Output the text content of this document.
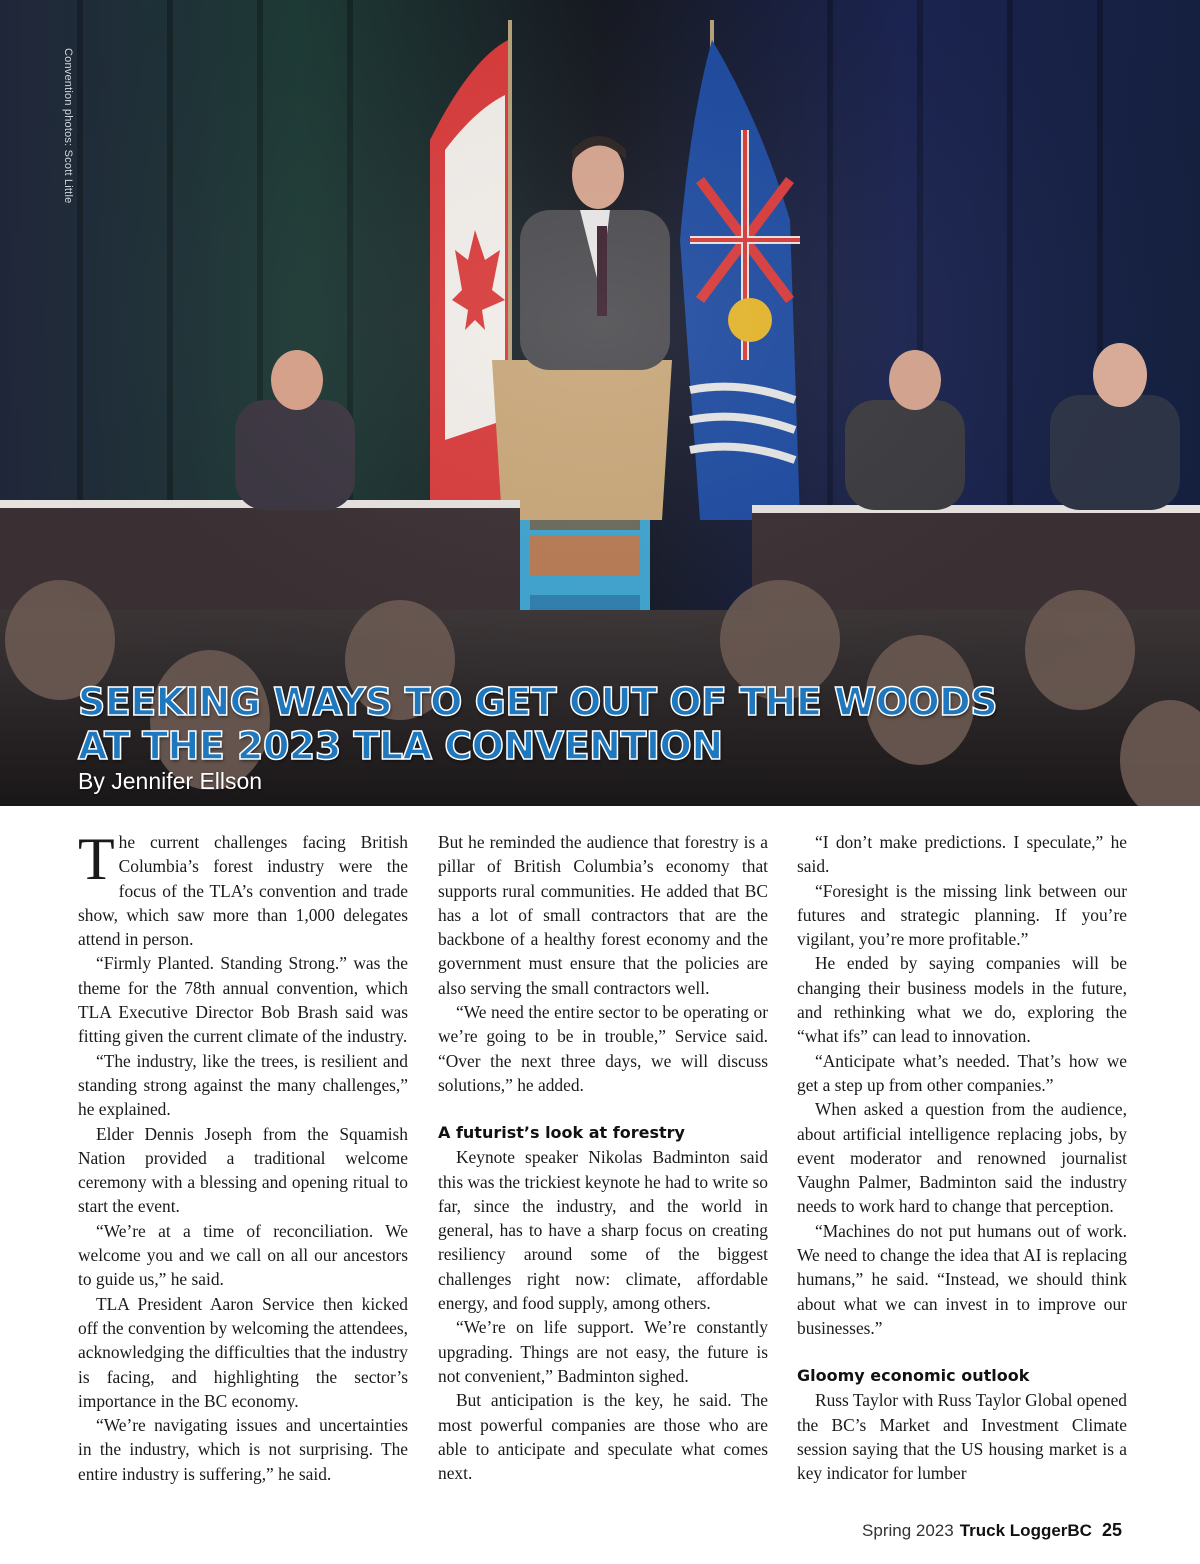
Convention photos: Scott Little
SEEKING WAYS TO GET OUT OF THE WOODS
AT THE 2023 TLA CONVENTION
By Jennifer Ellson

The current challenges facing British Columbia’s forest industry were the focus of the TLA’s convention and trade show, which saw more than 1,000 delegates attend in person.

“Firmly Planted. Standing Strong.” was the theme for the 78th annual convention, which TLA Executive Director Bob Brash said was fitting given the current climate of the industry.

“The industry, like the trees, is resilient and standing strong against the many challenges,” he explained.

Elder Dennis Joseph from the Squamish Nation provided a traditional welcome ceremony with a blessing and opening ritual to start the event.

“We’re at a time of reconciliation. We welcome you and we call on all our ancestors to guide us,” he said.

TLA President Aaron Service then kicked off the convention by welcoming the attendees, acknowledging the difficulties that the industry is facing, and highlighting the sector’s importance in the BC economy.

“We’re navigating issues and uncertainties in the industry, which is not surprising. The entire industry is suffering,” he said.

But he reminded the audience that forestry is a pillar of British Columbia’s economy that supports rural communities. He added that BC has a lot of small contractors that are the backbone of a healthy forest economy and the government must ensure that the policies are also serving the small contractors well.

“We need the entire sector to be operating or we’re going to be in trouble,” Service said. “Over the next three days, we will discuss solutions,” he added.

A futurist’s look at forestry

Keynote speaker Nikolas Badminton said this was the trickiest keynote he had to write so far, since the industry, and the world in general, has to have a sharp focus on creating resiliency around some of the biggest challenges right now: climate, affordable energy, and food supply, among others.

“We’re on life support. We’re constantly upgrading. Things are not easy, the future is not convenient,” Badminton sighed.

But anticipation is the key, he said. The most powerful companies are those who are able to anticipate and speculate what comes next.

“I don’t make predictions. I speculate,” he said.

“Foresight is the missing link between our futures and strategic planning. If you’re vigilant, you’re more profitable.”

He ended by saying companies will be changing their business models in the future, and rethinking what we do, exploring the “what ifs” can lead to innovation.

“Anticipate what’s needed. That’s how we get a step up from other companies.”

When asked a question from the audience, about artificial intelligence replacing jobs, by event moderator and renowned journalist Vaughn Palmer, Badminton said the industry needs to work hard to change that perception.

“Machines do not put humans out of work. We need to change the idea that AI is replacing humans,” he said. “Instead, we should think about what we can invest in to improve our businesses.”

Gloomy economic outlook

Russ Taylor with Russ Taylor Global opened the BC’s Market and Investment Climate session saying that the US housing market is a key indicator for lumber

Spring 2023 Truck LoggerBC 25
